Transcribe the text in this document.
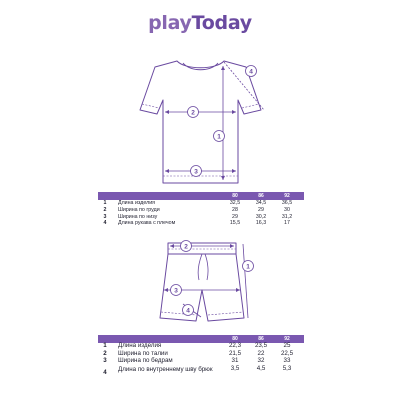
playToday
2
1
3
4
80	86	92
1	Длина изделия	32,5	34,5	36,5
2	Ширина по груди	28	29	30
3	Ширина по низу	29	30,2	31,2
4	Длина рукава с плечом	15,5	16,3	17
2
1
3
4
80	86	92
1	Длина изделия	22,3	23,5	25
2	Ширина по талии	21,5	22	22,5
3	Ширина по бедрам	31	32	33
4	Длина по внутреннему шву брюк	3,5	4,5	5,3
